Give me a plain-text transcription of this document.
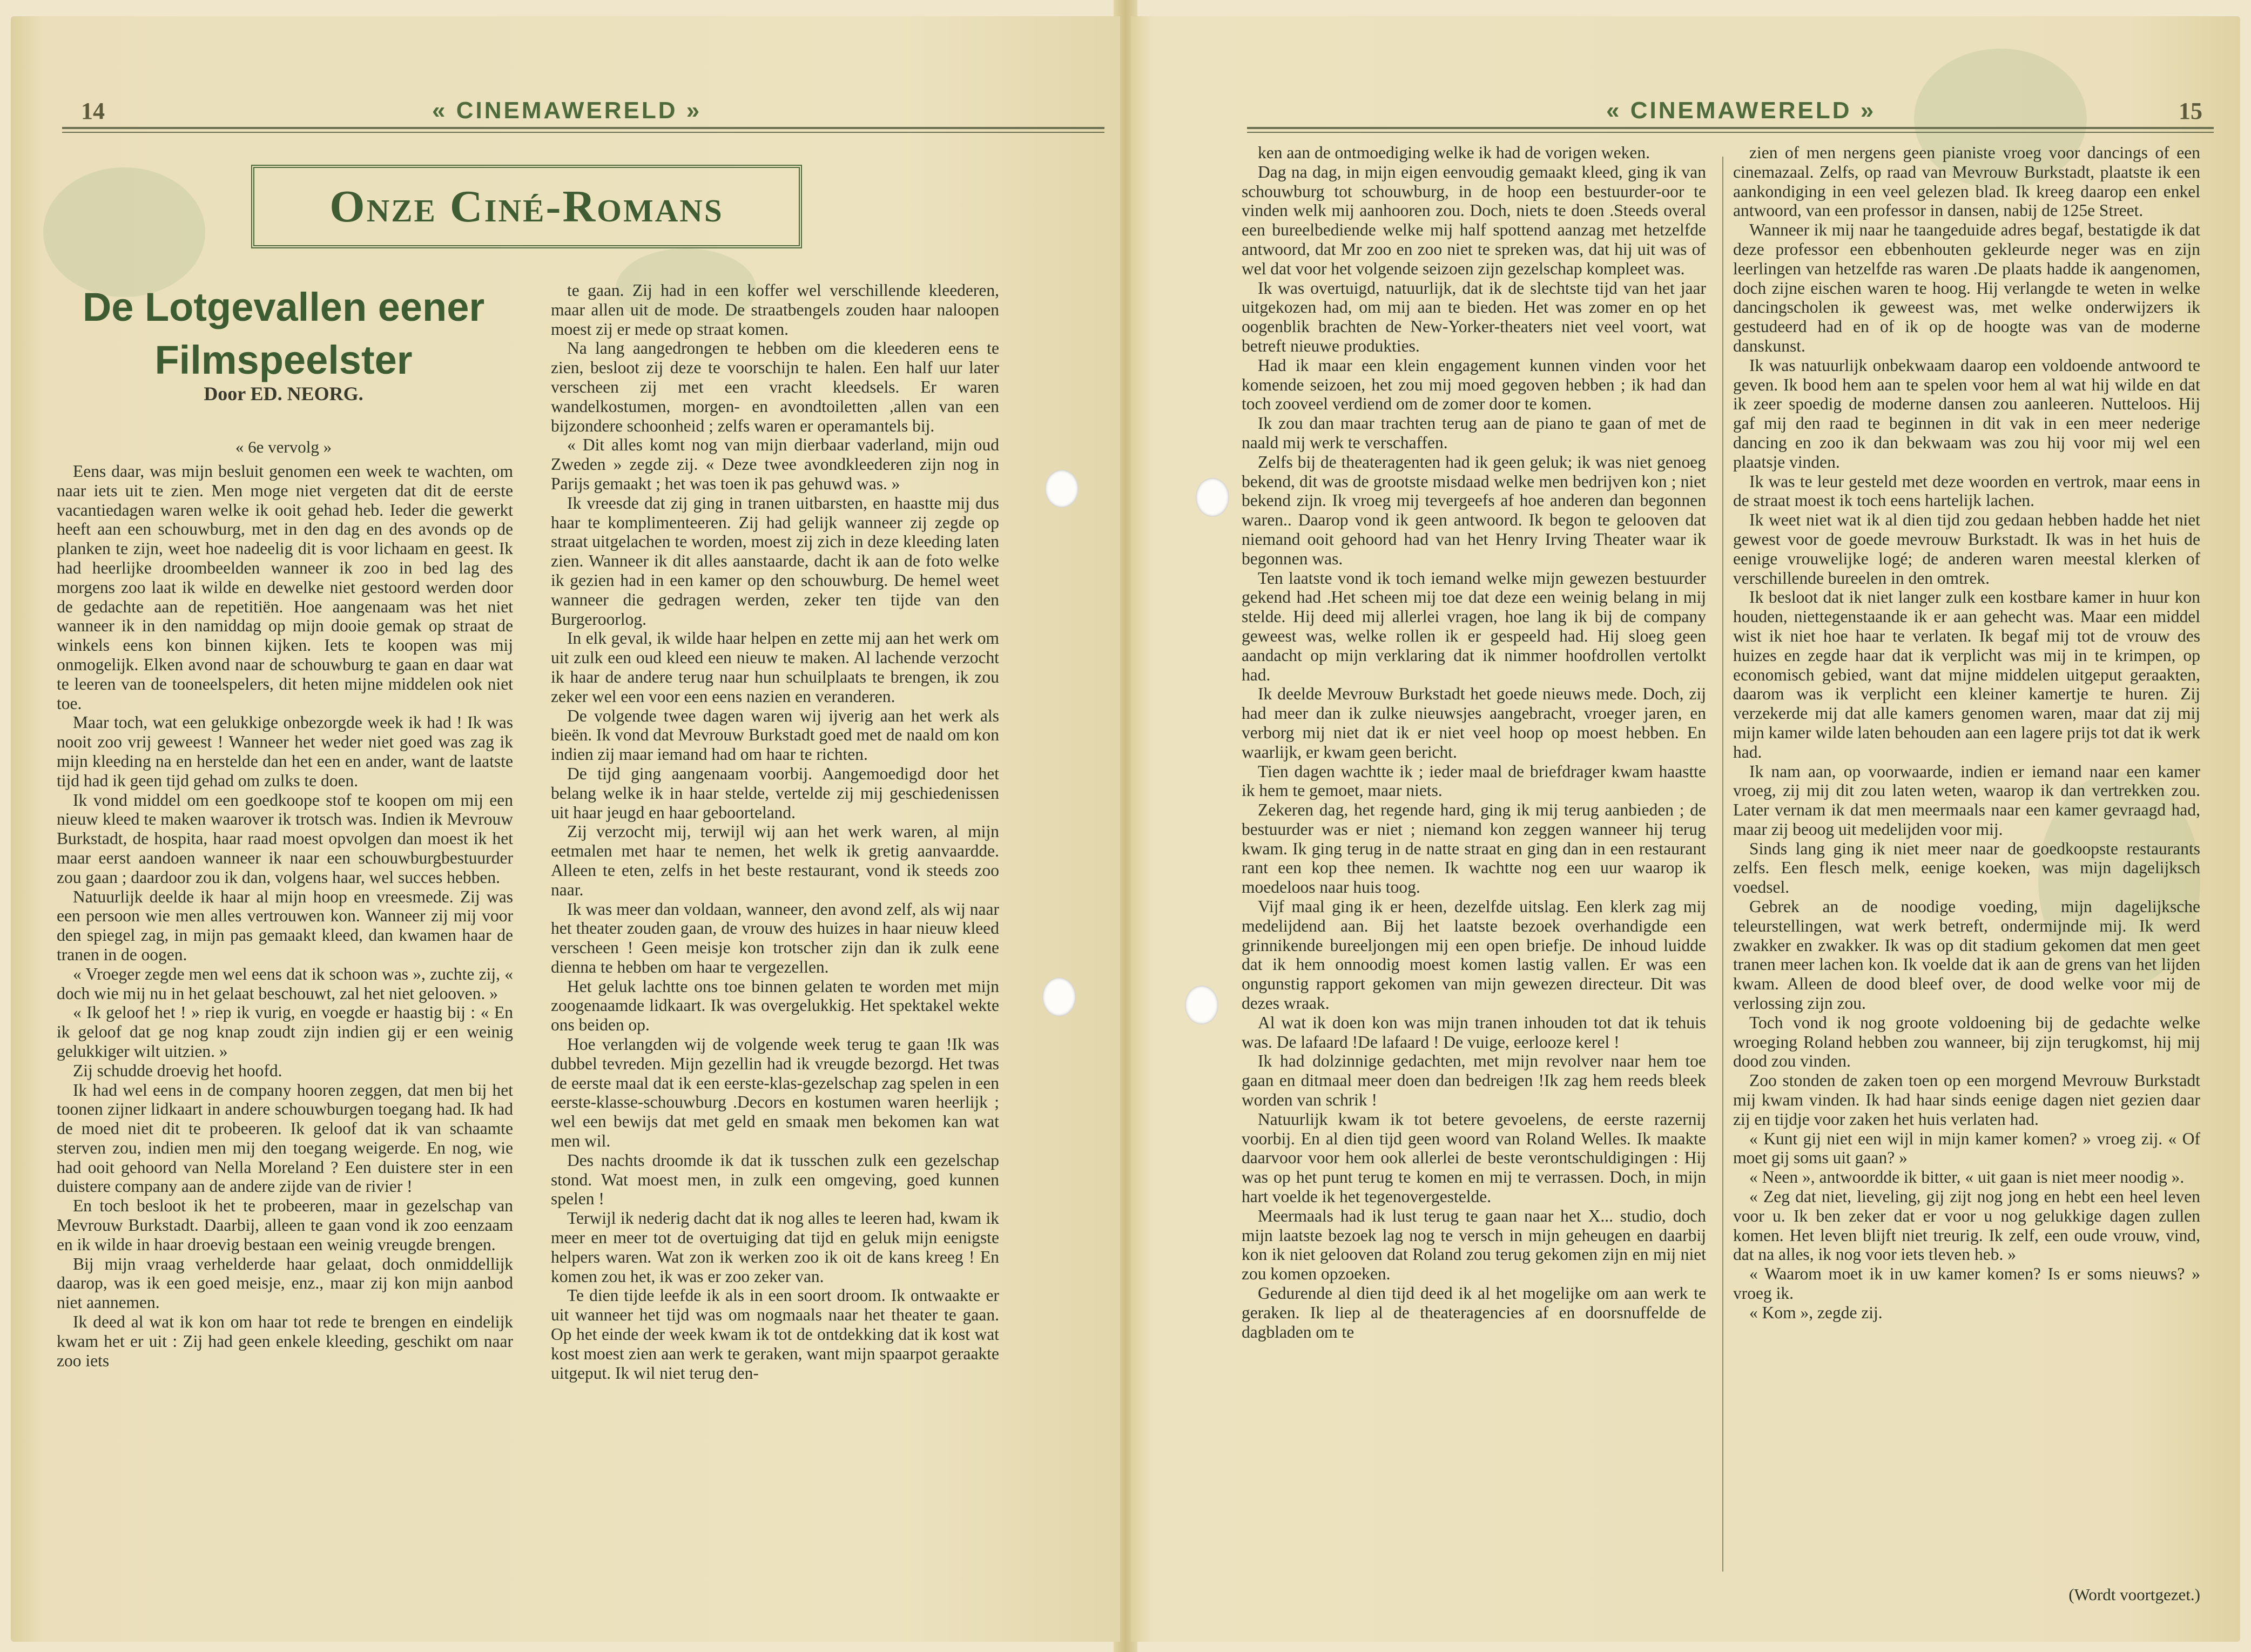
14	« CINEMAWERELD »
Onze Ciné-Romans
De Lotgevallen eener Filmspeelster
Door ED. NEORG.
« 6e vervolg »

Eens daar, was mijn besluit genomen een week te wachten, om naar iets uit te zien. Men moge niet vergeten dat dit de eerste vacantiedagen waren welke ik ooit gehad heb. Ieder die gewerkt heeft aan een schouwburg, met in den dag en des avonds op de planken te zijn, weet hoe nadeelig dit is voor lichaam en geest. Ik had heerlijke droombeelden wanneer ik zoo in bed lag des morgens zoo laat ik wilde en dewelke niet gestoord werden door de gedachte aan de repetitiën. Hoe aangenaam was het niet wanneer ik in den namiddag op mijn dooie gemak op straat de winkels eens kon binnen kijken. Iets te koopen was mij onmogelijk. Elken avond naar de schouwburg te gaan en daar wat te leeren van de tooneelspelers, dit heten mijne middelen ook niet toe.

Maar toch, wat een gelukkige onbezorgde week ik had ! Ik was nooit zoo vrij geweest ! Wanneer het weder niet goed was zag ik mijn kleeding na en herstelde dan het een en ander, want de laatste tijd had ik geen tijd gehad om zulks te doen.

Ik vond middel om een goedkoope stof te koopen om mij een nieuw kleed te maken waarover ik trotsch was. Indien ik Mevrouw Burkstadt, de hospita, haar raad moest opvolgen dan moest ik het maar eerst aandoen wanneer ik naar een schouwburgbestuurder zou gaan ; daardoor zou ik dan, volgens haar, wel succes hebben.

Natuurlijk deelde ik haar al mijn hoop en vreesmede. Zij was een persoon wie men alles vertrouwen kon. Wanneer zij mij voor den spiegel zag, in mijn pas gemaakt kleed, dan kwamen haar de tranen in de oogen.

« Vroeger zegde men wel eens dat ik schoon was », zuchte zij, « doch wie mij nu in het gelaat beschouwt, zal het niet gelooven. »

« Ik geloof het ! » riep ik vurig, en voegde er haastig bij : « En ik geloof dat ge nog knap zoudt zijn indien gij er een weinig gelukkiger wilt uitzien. »

Zij schudde droevig het hoofd.

Ik had wel eens in de company hooren zeggen, dat men bij het toonen zijner lidkaart in andere schouwburgen toegang had. Ik had de moed niet dit te probeeren. Ik geloof dat ik van schaamte sterven zou, indien men mij den toegang weigerde. En nog, wie had ooit gehoord van Nella Moreland ? Een duistere ster in een duistere company aan de andere zijde van de rivier !

En toch besloot ik het te probeeren, maar in gezelschap van Mevrouw Burkstadt. Daarbij, alleen te gaan vond ik zoo eenzaam en ik wilde in haar droevig bestaan een weinig vreugde brengen.

Bij mijn vraag verhelderde haar gelaat, doch onmiddellijk daarop, was ik een goed meisje, enz., maar zij kon mijn aanbod niet aannemen.

Ik deed al wat ik kon om haar tot rede te brengen en eindelijk kwam het er uit : Zij had geen enkele kleeding, geschikt om naar zoo iets

te gaan. Zij had in een koffer wel verschillende kleederen, maar allen uit de mode. De straatbengels zouden haar naloopen moest zij er mede op straat komen.

Na lang aangedrongen te hebben om die kleederen eens te zien, besloot zij deze te voorschijn te halen. Een half uur later verscheen zij met een vracht kleedsels. Er waren wandelkostumen, morgen- en avondtoiletten ,allen van een bijzondere schoonheid ; zelfs waren er operamantels bij.

« Dit alles komt nog van mijn dierbaar vaderland, mijn oud Zweden » zegde zij. « Deze twee avondkleederen zijn nog in Parijs gemaakt ; het was toen ik pas gehuwd was. »

Ik vreesde dat zij ging in tranen uitbarsten, en haastte mij dus haar te komplimenteeren. Zij had gelijk wanneer zij zegde op straat uitgelachen te worden, moest zij zich in deze kleeding laten zien. Wanneer ik dit alles aanstaarde, dacht ik aan de foto welke ik gezien had in een kamer op den schouwburg. De hemel weet wanneer die gedragen werden, zeker ten tijde van den Burgeroorlog.

In elk geval, ik wilde haar helpen en zette mij aan het werk om uit zulk een oud kleed een nieuw te maken. Al lachende verzocht ik haar de andere terug naar hun schuilplaats te brengen, ik zou zeker wel een voor een eens nazien en veranderen.

De volgende twee dagen waren wij ijverig aan het werk als bieën. Ik vond dat Mevrouw Burkstadt goed met de naald om kon indien zij maar iemand had om haar te richten.

De tijd ging aangenaam voorbij. Aangemoedigd door het belang welke ik in haar stelde, vertelde zij mij geschiedenissen uit haar jeugd en haar geboorteland.

Zij verzocht mij, terwijl wij aan het werk waren, al mijn eetmalen met haar te nemen, het welk ik gretig aanvaardde. Alleen te eten, zelfs in het beste restaurant, vond ik steeds zoo naar.

Ik was meer dan voldaan, wanneer, den avond zelf, als wij naar het theater zouden gaan, de vrouw des huizes in haar nieuw kleed verscheen ! Geen meisje kon trotscher zijn dan ik zulk eene dienna te hebben om haar te vergezellen.

Het geluk lachtte ons toe binnen gelaten te worden met mijn zoogenaamde lidkaart. Ik was overgelukkig. Het spektakel wekte ons beiden op.

Hoe verlangden wij de volgende week terug te gaan !Ik was dubbel tevreden. Mijn gezellin had ik vreugde bezorgd. Het twas de eerste maal dat ik een eerste-klas-gezelschap zag spelen in een eerste-klasse-schouwburg .Decors en kostumen waren heerlijk ; wel een bewijs dat met geld en smaak men bekomen kan wat men wil.

Des nachts droomde ik dat ik tusschen zulk een gezelschap stond. Wat moest men, in zulk een omgeving, goed kunnen spelen !

Terwijl ik nederig dacht dat ik nog alles te leeren had, kwam ik meer en meer tot de overtuiging dat tijd en geluk mijn eenigste helpers waren. Wat zon ik werken zoo ik oit de kans kreeg ! En komen zou het, ik was er zoo zeker van.

Te dien tijde leefde ik als in een soort droom. Ik ontwaakte er uit wanneer het tijd was om nogmaals naar het theater te gaan. Op het einde der week kwam ik tot de ontdekking dat ik kost wat kost moest zien aan werk te geraken, want mijn spaarpot geraakte uitgeput. Ik wil niet terug den-

« CINEMAWERELD »	15

ken aan de ontmoediging welke ik had de vorigen weken.

Dag na dag, in mijn eigen eenvoudig gemaakt kleed, ging ik van schouwburg tot schouwburg, in de hoop een bestuurder-oor te vinden welk mij aanhooren zou. Doch, niets te doen .Steeds overal een bureelbediende welke mij half spottend aanzag met hetzelfde antwoord, dat Mr zoo en zoo niet te spreken was, dat hij uit was of wel dat voor het volgende seizoen zijn gezelschap kompleet was.

Ik was overtuigd, natuurlijk, dat ik de slechtste tijd van het jaar uitgekozen had, om mij aan te bieden. Het was zomer en op het oogenblik brachten de New-Yorker-theaters niet veel voort, wat betreft nieuwe produkties.

Had ik maar een klein engagement kunnen vinden voor het komende seizoen, het zou mij moed gegoven hebben ; ik had dan toch zooveel verdiend om de zomer door te komen.

Ik zou dan maar trachten terug aan de piano te gaan of met de naald mij werk te verschaffen.

Zelfs bij de theateragenten had ik geen geluk; ik was niet genoeg bekend, dit was de grootste misdaad welke men bedrijven kon ; niet bekend zijn. Ik vroeg mij tevergeefs af hoe anderen dan begonnen waren.. Daarop vond ik geen antwoord. Ik begon te gelooven dat niemand ooit gehoord had van het Henry Irving Theater waar ik begonnen was.

Ten laatste vond ik toch iemand welke mijn gewezen bestuurder gekend had .Het scheen mij toe dat deze een weinig belang in mij stelde. Hij deed mij allerlei vragen, hoe lang ik bij de company geweest was, welke rollen ik er gespeeld had. Hij sloeg geen aandacht op mijn verklaring dat ik nimmer hoofdrollen vertolkt had.

Ik deelde Mevrouw Burkstadt het goede nieuws mede. Doch, zij had meer dan ik zulke nieuwsjes aangebracht, vroeger jaren, en verborg mij niet dat ik er niet veel hoop op moest hebben. En waarlijk, er kwam geen bericht.

Tien dagen wachtte ik ; ieder maal de briefdrager kwam haastte ik hem te gemoet, maar niets.

Zekeren dag, het regende hard, ging ik mij terug aanbieden ; de bestuurder was er niet ; niemand kon zeggen wanneer hij terug kwam. Ik ging terug in de natte straat en ging dan in een restaurant rant een kop thee nemen. Ik wachtte nog een uur waarop ik moedeloos naar huis toog.

Vijf maal ging ik er heen, dezelfde uitslag. Een klerk zag mij medelijdend aan. Bij het laatste bezoek overhandigde een grinnikende bureeljongen mij een open briefje. De inhoud luidde dat ik hem onnoodig moest komen lastig vallen. Er was een ongunstig rapport gekomen van mijn gewezen directeur. Dit was dezes wraak.

Al wat ik doen kon was mijn tranen inhouden tot dat ik tehuis was. De lafaard !De lafaard ! De vuige, eerlooze kerel !

Ik had dolzinnige gedachten, met mijn revolver naar hem toe gaan en ditmaal meer doen dan bedreigen !Ik zag hem reeds bleek worden van schrik !

Natuurlijk kwam ik tot betere gevoelens, de eerste razernij voorbij. En al dien tijd geen woord van Roland Welles. Ik maakte daarvoor voor hem ook allerlei de beste verontschuldigingen : Hij was op het punt terug te komen en mij te verrassen. Doch, in mijn hart voelde ik het tegenovergestelde.

Meermaals had ik lust terug te gaan naar het X... studio, doch mijn laatste bezoek lag nog te versch in mijn geheugen en daarbij kon ik niet gelooven dat Roland zou terug gekomen zijn en mij niet zou komen opzoeken.

Gedurende al dien tijd deed ik al het mogelijke om aan werk te geraken. Ik liep al de theateragencies af en doorsnuffelde de dagbladen om te

zien of men nergens geen pianiste vroeg voor dancings of een cinemazaal. Zelfs, op raad van Mevrouw Burkstadt, plaatste ik een aankondiging in een veel gelezen blad. Ik kreeg daarop een enkel antwoord, van een professor in dansen, nabij de 125e Street.

Wanneer ik mij naar he taangeduide adres begaf, bestatigde ik dat deze professor een ebbenhouten gekleurde neger was en zijn leerlingen van hetzelfde ras waren .De plaats hadde ik aangenomen, doch zijne eischen waren te hoog. Hij verlangde te weten in welke dancingscholen ik geweest was, met welke onderwijzers ik gestudeerd had en of ik op de hoogte was van de moderne danskunst.

Ik was natuurlijk onbekwaam daarop een voldoende antwoord te geven. Ik bood hem aan te spelen voor hem al wat hij wilde en dat ik zeer spoedig de moderne dansen zou aanleeren. Nutteloos. Hij gaf mij den raad te beginnen in dit vak in een meer nederige dancing en zoo ik dan bekwaam was zou hij voor mij wel een plaatsje vinden.

Ik was te leur gesteld met deze woorden en vertrok, maar eens in de straat moest ik toch eens hartelijk lachen.

Ik weet niet wat ik al dien tijd zou gedaan hebben hadde het niet gewest voor de goede mevrouw Burkstadt. Ik was in het huis de eenige vrouwelijke logé; de anderen waren meestal klerken of verschillende bureelen in den omtrek.

Ik besloot dat ik niet langer zulk een kostbare kamer in huur kon houden, niettegenstaande ik er aan gehecht was. Maar een middel wist ik niet hoe haar te verlaten. Ik begaf mij tot de vrouw des huizes en zegde haar dat ik verplicht was mij in te krimpen, op economisch gebied, want dat mijne middelen uitgeput geraakten, daarom was ik verplicht een kleiner kamertje te huren. Zij verzekerde mij dat alle kamers genomen waren, maar dat zij mij mijn kamer wilde laten behouden aan een lagere prijs tot dat ik werk had.

Ik nam aan, op voorwaarde, indien er iemand naar een kamer vroeg, zij mij dit zou laten weten, waarop ik dan vertrekken zou. Later vernam ik dat men meermaals naar een kamer gevraagd had, maar zij beoog uit medelijden voor mij.

Sinds lang ging ik niet meer naar de goedkoopste restaurants zelfs. Een flesch melk, eenige koeken, was mijn dagelijksch voedsel.

Gebrek an de noodige voeding, mijn dagelijksche teleurstellingen, wat werk betreft, ondermijnde mij. Ik werd zwakker en zwakker. Ik was op dit stadium gekomen dat men geet tranen meer lachen kon. Ik voelde dat ik aan de grens van het lijden kwam. Alleen de dood bleef over, de dood welke voor mij de verlossing zijn zou.

Toch vond ik nog groote voldoening bij de gedachte welke wroeging Roland hebben zou wanneer, bij zijn terugkomst, hij mij dood zou vinden.

Zoo stonden de zaken toen op een morgend Mevrouw Burkstadt mij kwam vinden. Ik had haar sinds eenige dagen niet gezien daar zij en tijdje voor zaken het huis verlaten had.

« Kunt gij niet een wijl in mijn kamer komen? » vroeg zij. « Of moet gij soms uit gaan? »

« Neen », antwoordde ik bitter, « uit gaan is niet meer noodig ».

« Zeg dat niet, lieveling, gij zijt nog jong en hebt een heel leven voor u. Ik ben zeker dat er voor u nog gelukkige dagen zullen komen. Het leven blijft niet treurig. Ik zelf, een oude vrouw, vind, dat na alles, ik nog voor iets tleven heb. »

« Waarom moet ik in uw kamer komen? Is er soms nieuws? » vroeg ik.

« Kom », zegde zij.

(Wordt voortgezet.)
